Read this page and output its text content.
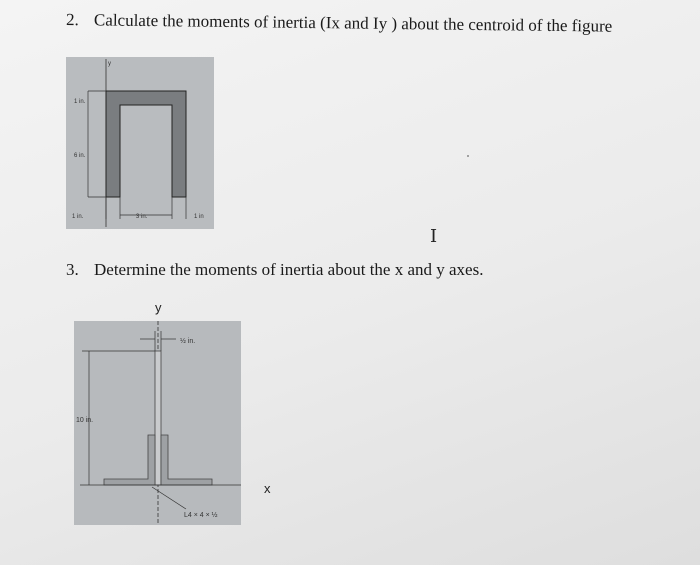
2. Calculate the moments of inertia (Ix and Iy ) about the centroid of the figure
y
1 in.
6 in.
1 in.	3 in.	1 in
I
3. Determine the moments of inertia about the x and y axes.
y
x
½ in.
10 in.
L4 × 4 × ½
